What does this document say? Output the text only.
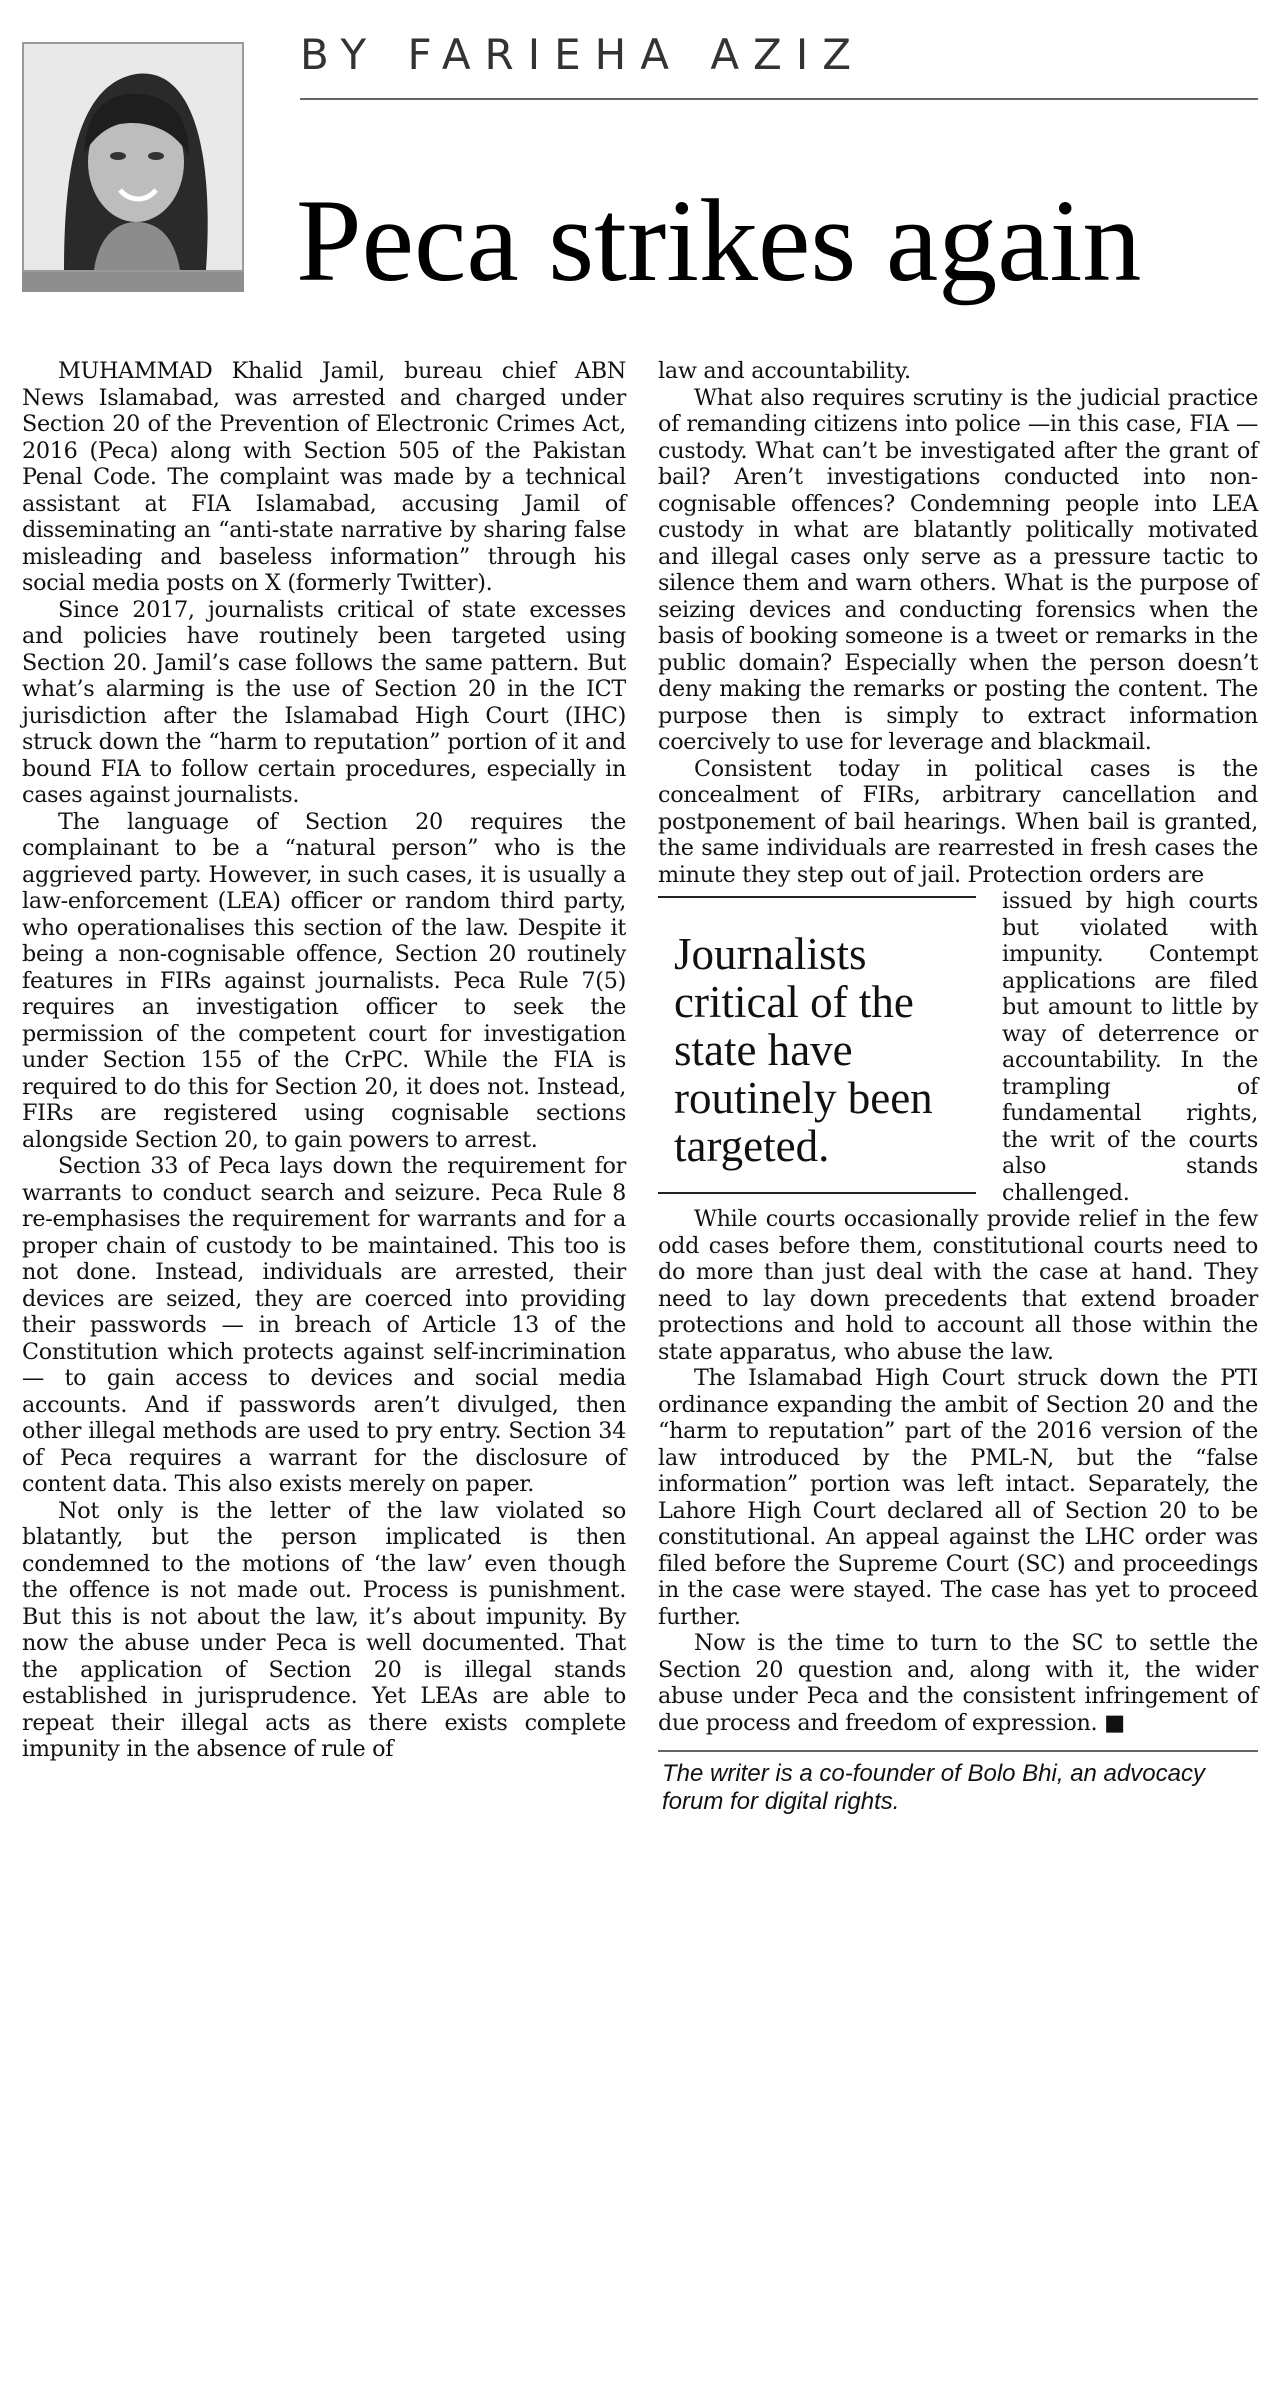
BY FARIEHA AZIZ
Peca strikes again

MUHAMMAD Khalid Jamil, bureau chief ABN News Islamabad, was arrested and charged under Section 20 of the Prevention of Electronic Crimes Act, 2016 (Peca) along with Section 505 of the Pakistan Penal Code. The complaint was made by a technical assistant at FIA Islamabad, accusing Jamil of disseminating an “anti-state narrative by sharing false misleading and baseless information” through his social media posts on X (formerly Twitter).

Since 2017, journalists critical of state excesses and policies have routinely been targeted using Section 20. Jamil’s case follows the same pattern. But what’s alarming is the use of Section 20 in the ICT jurisdiction after the Islamabad High Court (IHC) struck down the “harm to reputation” portion of it and bound FIA to follow certain procedures, especially in cases against journalists.

The language of Section 20 requires the complainant to be a “natural person” who is the aggrieved party. However, in such cases, it is usually a law-enforcement (LEA) officer or random third party, who operationalises this section of the law. Despite it being a non-cognisable offence, Section 20 routinely features in FIRs against journalists. Peca Rule 7(5) requires an investigation officer to seek the permission of the competent court for investigation under Section 155 of the CrPC. While the FIA is required to do this for Section 20, it does not. Instead, FIRs are registered using cognisable sections alongside Section 20, to gain powers to arrest.

Section 33 of Peca lays down the requirement for warrants to conduct search and seizure. Peca Rule 8 re-emphasises the requirement for warrants and for a proper chain of custody to be maintained. This too is not done. Instead, individuals are arrested, their devices are seized, they are coerced into providing their passwords — in breach of Article 13 of the Constitution which protects against self-incrimination — to gain access to devices and social media accounts. And if passwords aren’t divulged, then other illegal methods are used to pry entry. Section 34 of Peca requires a warrant for the disclosure of content data. This also exists merely on paper.

Not only is the letter of the law violated so blatantly, but the person implicated is then condemned to the motions of ‘the law’ even though the offence is not made out. Process is punishment. But this is not about the law, it’s about impunity. By now the abuse under Peca is well documented. That the application of Section 20 is illegal stands established in jurisprudence. Yet LEAs are able to repeat their illegal acts as there exists complete impunity in the absence of rule of

law and accountability.

What also requires scrutiny is the judicial practice of remanding citizens into police —in this case, FIA — custody. What can’t be investigated after the grant of bail? Aren’t investigations conducted into non-cognisable offences? Condemning people into LEA custody in what are blatantly politically motivated and illegal cases only serve as a pressure tactic to silence them and warn others. What is the purpose of seizing devices and conducting forensics when the basis of booking someone is a tweet or remarks in the public domain? Especially when the person doesn’t deny making the remarks or posting the content. The purpose then is simply to extract information coercively to use for leverage and blackmail.

Consistent today in political cases is the concealment of FIRs, arbitrary cancellation and postponement of bail hearings. When bail is granted, the same individuals are rearrested in fresh cases the minute they step out of jail. Protection orders are

Journalists critical of the state have routinely been targeted.

issued by high courts but violated with impunity. Contempt applications are filed but amount to little by way of deterrence or accountability. In the trampling of fundamental rights, the writ of the courts also stands challenged.

While courts occasionally provide relief in the few odd cases before them, constitutional courts need to do more than just deal with the case at hand. They need to lay down precedents that extend broader protections and hold to account all those within the state apparatus, who abuse the law.

The Islamabad High Court struck down the PTI ordinance expanding the ambit of Section 20 and the “harm to reputation” part of the 2016 version of the law introduced by the PML-N, but the “false information” portion was left intact. Separately, the Lahore High Court declared all of Section 20 to be constitutional. An appeal against the LHC order was filed before the Supreme Court (SC) and proceedings in the case were stayed. The case has yet to proceed further.

Now is the time to turn to the SC to settle the Section 20 question and, along with it, the wider abuse under Peca and the consistent infringement of due process and freedom of expression. ■

The writer is a co-founder of Bolo Bhi, an advocacy forum for digital rights.
